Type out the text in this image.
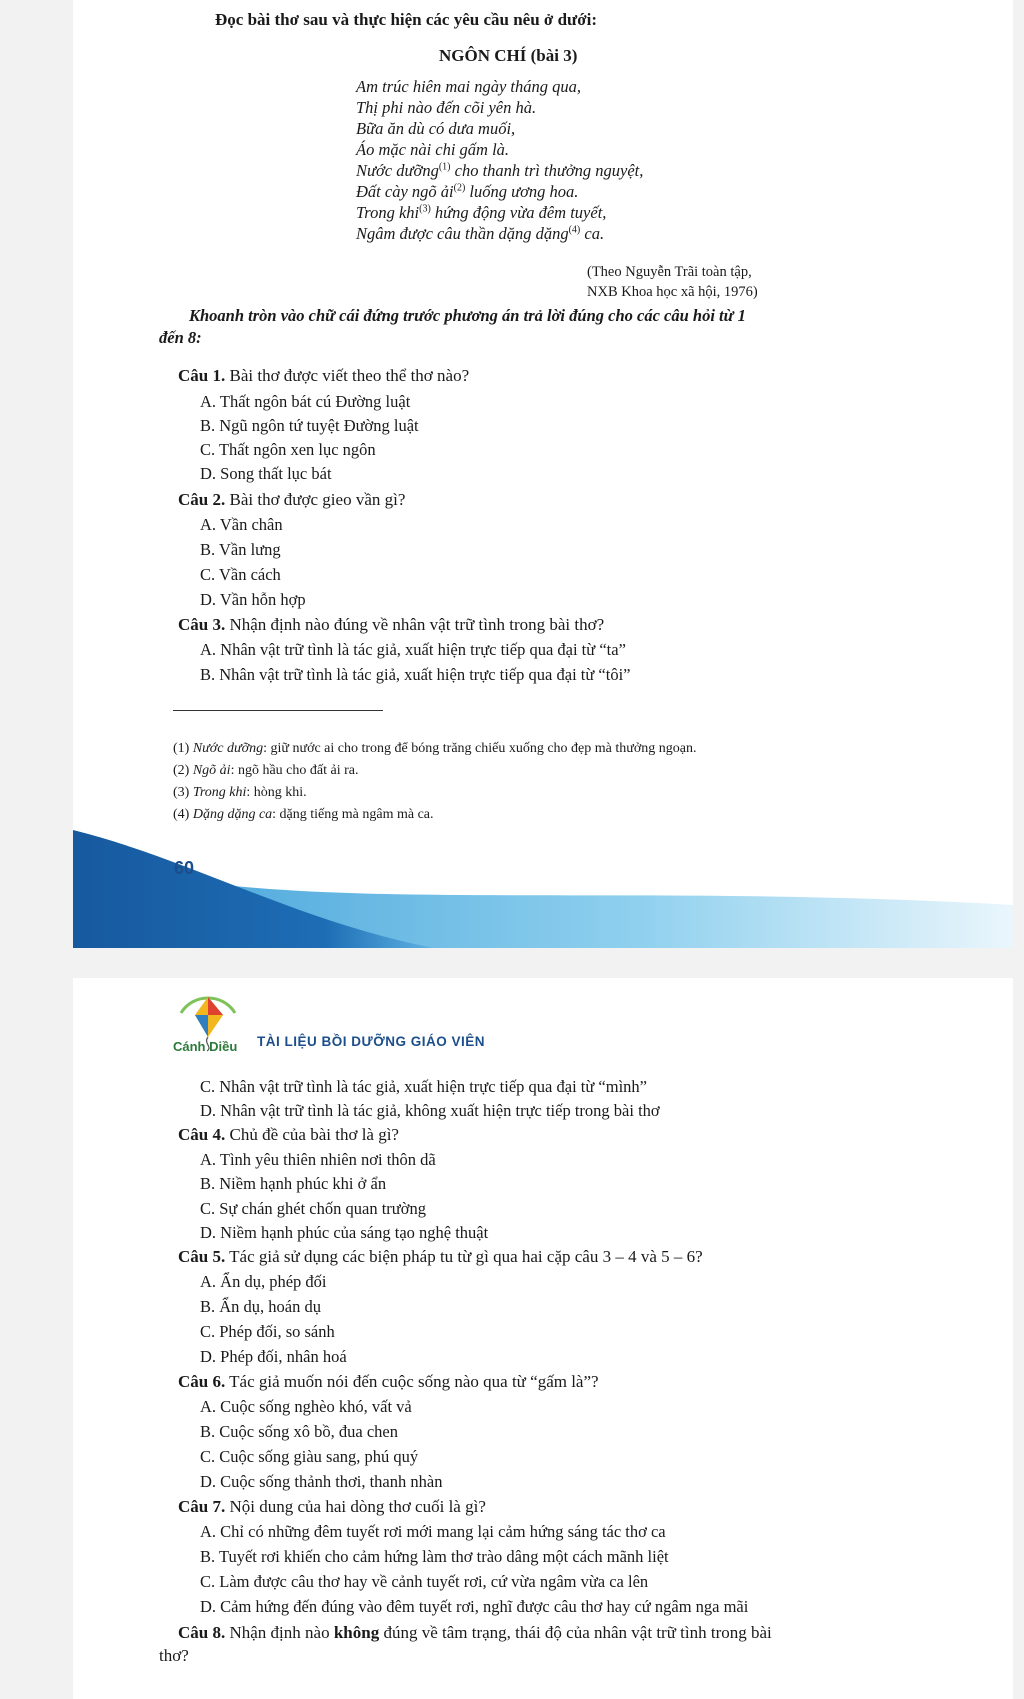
Đọc bài thơ sau và thực hiện các yêu cầu nêu ở dưới:
NGÔN CHÍ (bài 3)
Am trúc hiên mai ngày tháng qua,
Thị phi nào đến cõi yên hà.
Bữa ăn dù có dưa muối,
Áo mặc nài chi gấm là.
Nước dưỡng$^{(1)}$ cho thanh trì thưởng nguyệt,
Đất cày ngõ ải$^{(2)}$ luống ương hoa.
Trong khi$^{(3)}$ hứng động vừa đêm tuyết,
Ngâm được câu thần dặng dặng$^{(4)}$ ca.
(Theo Nguyễn Trãi toàn tập,
NXB Khoa học xã hội, 1976)
Khoanh tròn vào chữ cái đứng trước phương án trả lời đúng cho các câu hỏi từ 1
đến 8:
Câu 1. Bài thơ được viết theo thể thơ nào?
A. Thất ngôn bát cú Đường luật
B. Ngũ ngôn tứ tuyệt Đường luật
C. Thất ngôn xen lục ngôn
D. Song thất lục bát
Câu 2. Bài thơ được gieo vần gì?
A. Vần chân
B. Vần lưng
C. Vần cách
D. Vần hỗn hợp
Câu 3. Nhận định nào đúng về nhân vật trữ tình trong bài thơ?
A. Nhân vật trữ tình là tác giả, xuất hiện trực tiếp qua đại từ “ta”
B. Nhân vật trữ tình là tác giả, xuất hiện trực tiếp qua đại từ “tôi”
(1) Nước dưỡng: giữ nước ai cho trong để bóng trăng chiếu xuống cho đẹp mà thưởng ngoạn.
(2) Ngõ ải: ngõ hầu cho đất ải ra.
(3) Trong khi: hòng khi.
(4) Dặng dặng ca: dặng tiếng mà ngâm mà ca.
60
Cánh Diều TÀI LIỆU BỒI DƯỠNG GIÁO VIÊN
C. Nhân vật trữ tình là tác giả, xuất hiện trực tiếp qua đại từ “mình”
D. Nhân vật trữ tình là tác giả, không xuất hiện trực tiếp trong bài thơ
Câu 4. Chủ đề của bài thơ là gì?
A. Tình yêu thiên nhiên nơi thôn dã
B. Niềm hạnh phúc khi ở ẩn
C. Sự chán ghét chốn quan trường
D. Niềm hạnh phúc của sáng tạo nghệ thuật
Câu 5. Tác giả sử dụng các biện pháp tu từ gì qua hai cặp câu 3 – 4 và 5 – 6?
A. Ẩn dụ, phép đối
B. Ẩn dụ, hoán dụ
C. Phép đối, so sánh
D. Phép đối, nhân hoá
Câu 6. Tác giả muốn nói đến cuộc sống nào qua từ “gấm là”?
A. Cuộc sống nghèo khó, vất vả
B. Cuộc sống xô bồ, đua chen
C. Cuộc sống giàu sang, phú quý
D. Cuộc sống thảnh thơi, thanh nhàn
Câu 7. Nội dung của hai dòng thơ cuối là gì?
A. Chỉ có những đêm tuyết rơi mới mang lại cảm hứng sáng tác thơ ca
B. Tuyết rơi khiến cho cảm hứng làm thơ trào dâng một cách mãnh liệt
C. Làm được câu thơ hay về cảnh tuyết rơi, cứ vừa ngâm vừa ca lên
D. Cảm hứng đến đúng vào đêm tuyết rơi, nghĩ được câu thơ hay cứ ngâm nga mãi
Câu 8. Nhận định nào không đúng về tâm trạng, thái độ của nhân vật trữ tình trong bài
thơ?
